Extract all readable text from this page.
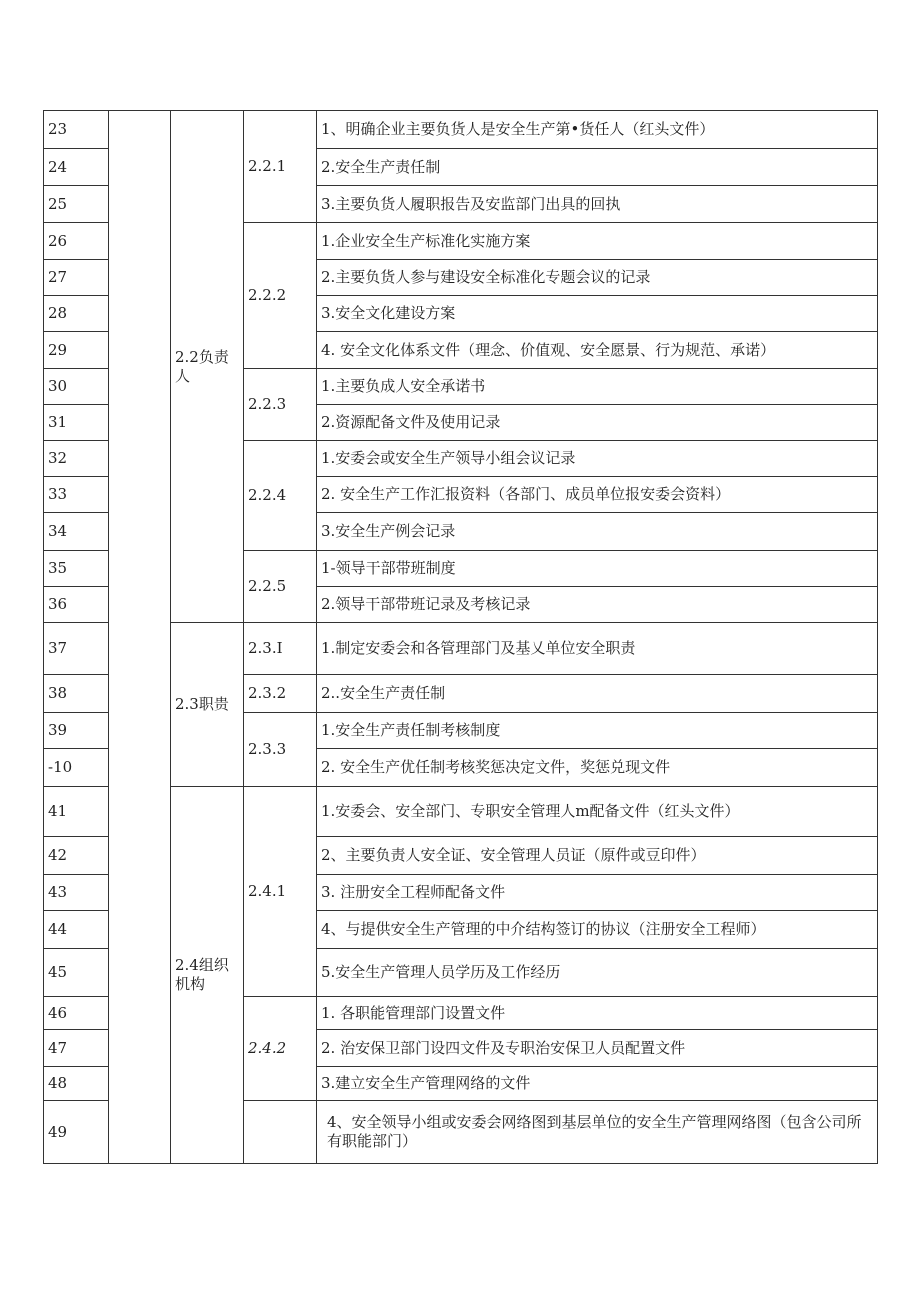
23		2.2负责人	2.2.1	1、明确企业主要负货人是安全生产第•货任人（红头文件）
24				2.安全生产责任制
25				3.主要负货人履职报告及安监部门出具的回执
26			2.2.2	1.企业安全生产标准化实施方案
27				2.主要负货人参与建设安全标准化专题会议的记录
28				3.安全文化建设方案
29				4. 安全文化体系文件（理念、价值观、安全愿景、行为规范、承诺）
30			2.2.3	1.主要负成人安全承诺书
31				2.资源配备文件及使用记录
32			2.2.4	1.安委会或安全生产领导小组会议记录
33				2. 安全生产工作汇报资料（各部门、成员单位报安委会资料）
34				3.安全生产例会记录
35			2.2.5	1-领导干部带班制度
36				2.领导干部带班记录及考核记录
37		2.3职贵	2.3.I	1.制定安委会和各管理部门及基乂单位安全职责
38			2.3.2	2..安全生产责任制
39			2.3.3	1.安全生产责任制考核制度
-10				2. 安全生产优任制考核奖惩决定文件，奖惩兑现文件
41		2.4组织机构	2.4.1	1.安委会、安全部门、专职安全管理人m配备文件（红头文件）
42				2、主要负责人安全证、安全管理人员证（原件或豆印件）
43				3. 注册安全工程师配备文件
44				4、与提供安全生产管理的中介结构签订的协议（注册安全工程师）
45				5.安全生产管理人员学历及工作经历
46			2.4.2	1. 各职能管理部门设置文件
47				2. 治安保卫部门设四文件及专职治安保卫人员配置文件
48				3.建立安全生产管理网络的文件
49				4、安全领导小组或安委会网络图到基层单位的安全生产管理网络图（包含公司所有职能部门）
